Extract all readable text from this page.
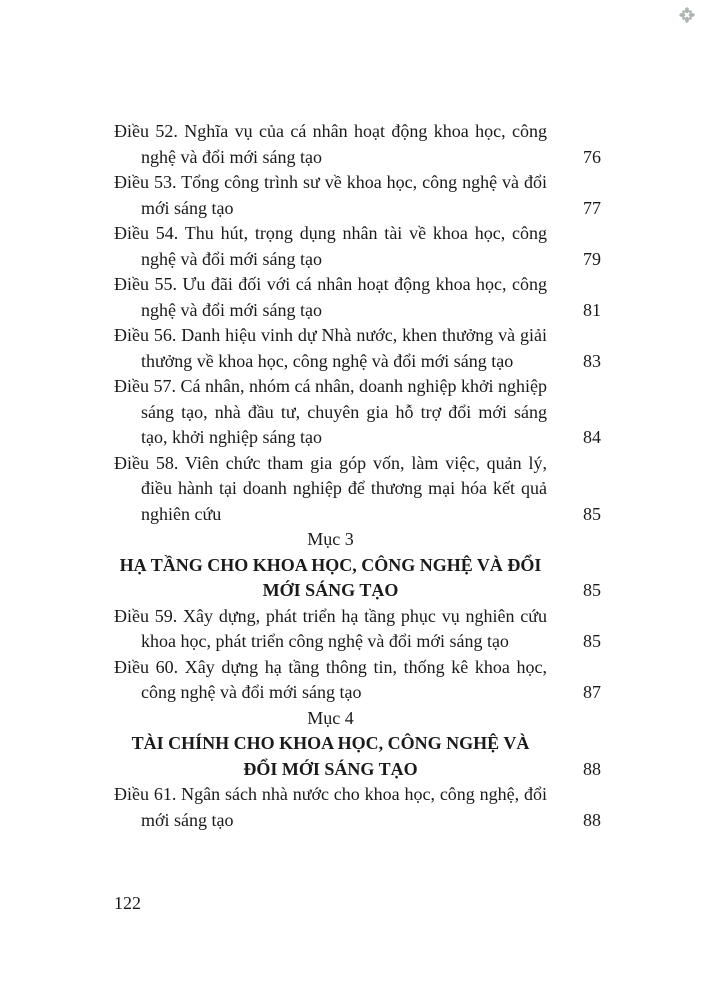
Điều 52. Nghĩa vụ của cá nhân hoạt động khoa học, công nghệ và đổi mới sáng tạo	76

Điều 53. Tổng công trình sư về khoa học, công nghệ và đổi mới sáng tạo	77

Điều 54. Thu hút, trọng dụng nhân tài về khoa học, công nghệ và đổi mới sáng tạo	79

Điều 55. Ưu đãi đối với cá nhân hoạt động khoa học, công nghệ và đổi mới sáng tạo	81

Điều 56. Danh hiệu vinh dự Nhà nước, khen thưởng và giải thưởng về khoa học, công nghệ và đổi mới sáng tạo	83

Điều 57. Cá nhân, nhóm cá nhân, doanh nghiệp khởi nghiệp sáng tạo, nhà đầu tư, chuyên gia hỗ trợ đổi mới sáng tạo, khởi nghiệp sáng tạo	84

Điều 58. Viên chức tham gia góp vốn, làm việc, quản lý, điều hành tại doanh nghiệp để thương mại hóa kết quả nghiên cứu	85

Mục 3

HẠ TẦNG CHO KHOA HỌC, CÔNG NGHỆ VÀ ĐỔI MỚI SÁNG TẠO	85

Điều 59. Xây dựng, phát triển hạ tầng phục vụ nghiên cứu khoa học, phát triển công nghệ và đổi mới sáng tạo	85

Điều 60. Xây dựng hạ tầng thông tin, thống kê khoa học, công nghệ và đổi mới sáng tạo	87

Mục 4

TÀI CHÍNH CHO KHOA HỌC, CÔNG NGHỆ VÀ ĐỔI MỚI SÁNG TẠO	88

Điều 61. Ngân sách nhà nước cho khoa học, công nghệ, đổi mới sáng tạo	88

122
